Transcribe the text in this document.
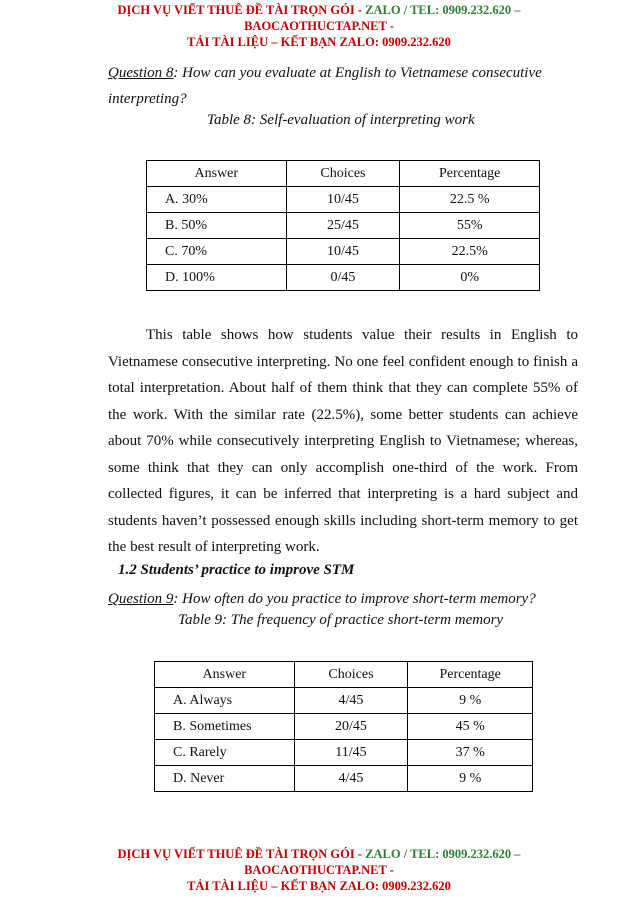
DỊCH VỤ VIẾT THUÊ ĐỀ TÀI TRỌN GÓI - ZALO / TEL: 0909.232.620 –
BAOCAOTHUCTAP.NET -
TẢI TÀI LIỆU – KẾT BẠN ZALO: 0909.232.620
Question 8: How can you evaluate at English to Vietnamese consecutive interpreting?
Table 8: Self-evaluation of interpreting work
Answer	Choices	Percentage
A. 30%	10/45	22.5 %
B. 50%	25/45	55%
C. 70%	10/45	22.5%
D. 100%	0/45	0%
This table shows how students value their results in English to Vietnamese consecutive interpreting. No one feel confident enough to finish a total interpretation. About half of them think that they can complete 55% of the work. With the similar rate (22.5%), some better students can achieve about 70% while consecutively interpreting English to Vietnamese; whereas, some think that they can only accomplish one-third of the work. From collected figures, it can be inferred that interpreting is a hard subject and students haven’t possessed enough skills including short-term memory to get the best result of interpreting work.
1.2 Students’ practice to improve STM
Question 9: How often do you practice to improve short-term memory?
Table 9: The frequency of practice short-term memory
Answer	Choices	Percentage
A. Always	4/45	9 %
B. Sometimes	20/45	45 %
C. Rarely	11/45	37 %
D. Never	4/45	9 %
DỊCH VỤ VIẾT THUÊ ĐỀ TÀI TRỌN GÓI - ZALO / TEL: 0909.232.620 –
BAOCAOTHUCTAP.NET -
TẢI TÀI LIỆU – KẾT BẠN ZALO: 0909.232.620
